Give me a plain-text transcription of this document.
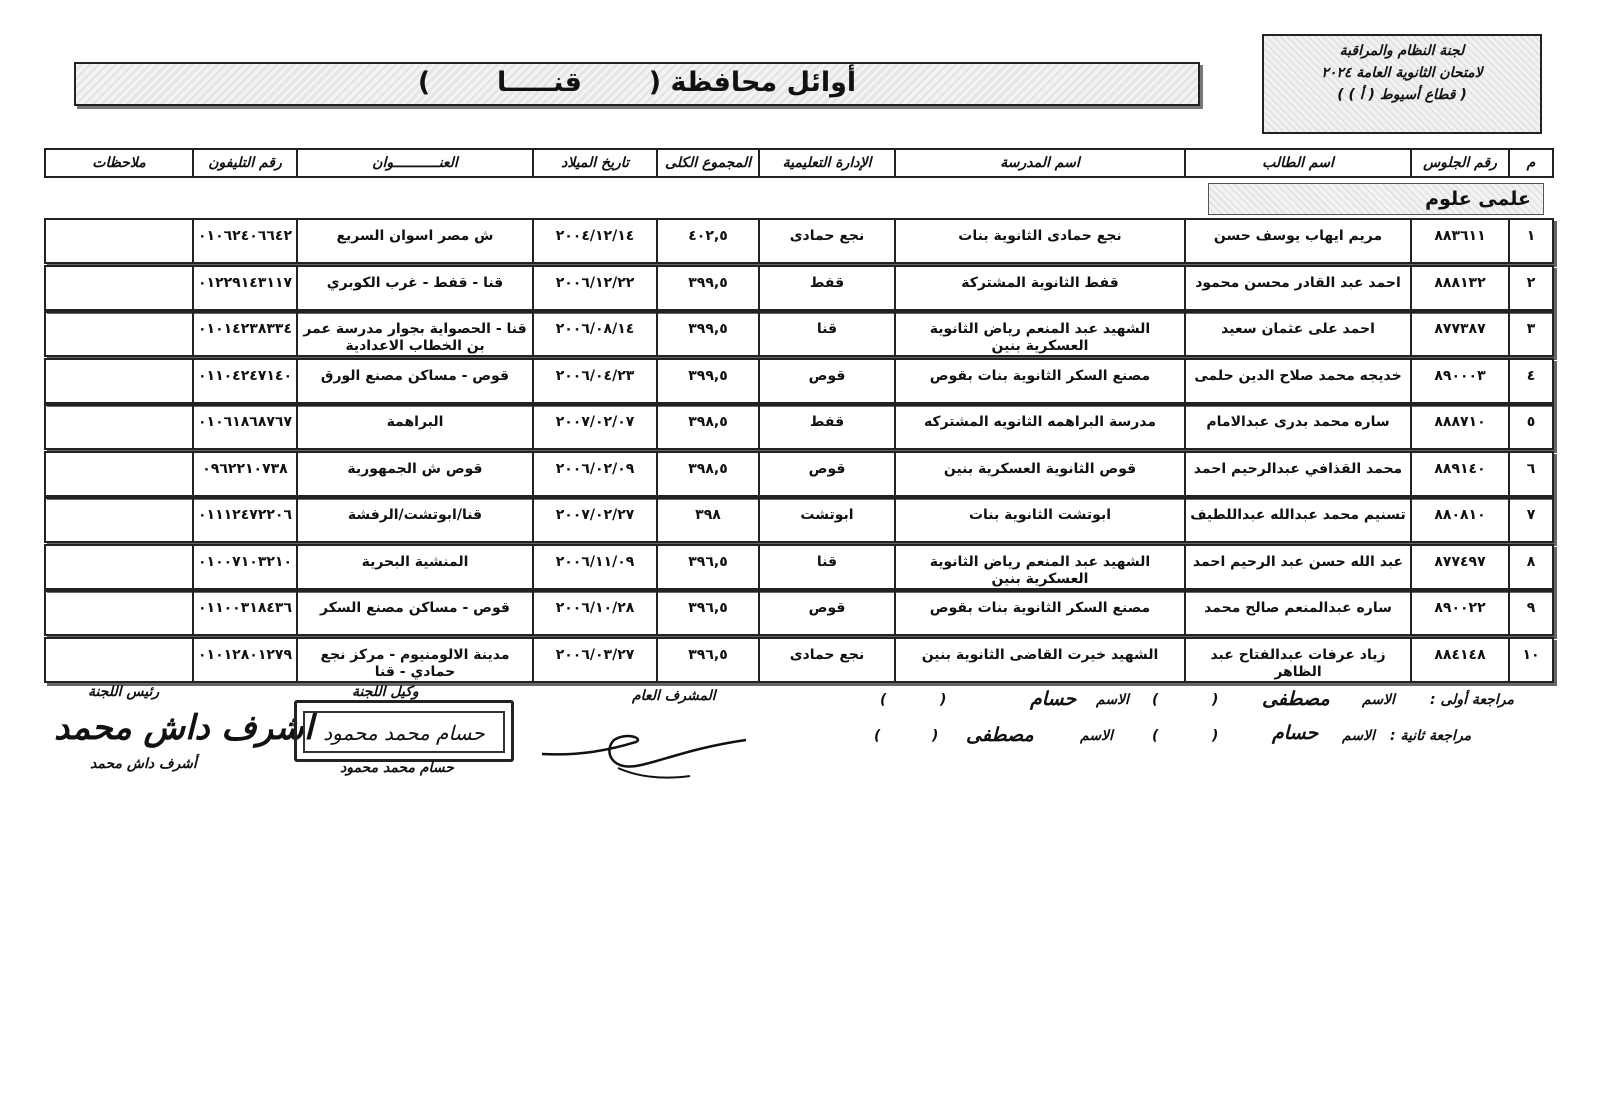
لجنة النظام والمراقبة
لامتحان الثانوية العامة ٢٠٢٤
( قطاع أسيوط ( أ ) )
أوائل محافظة (  قنـــــا  )
م
رقم الجلوس
اسم الطالب
اسم المدرسة
الإدارة التعليمية
المجموع الكلى
تاريخ الميلاد
العنـــــــــــوان
رقم التليفون
ملاحظات
علمى علوم
١
٨٨٣٦١١
مريم ايهاب يوسف حسن
نجع حمادى الثانوية بنات
نجع حمادى
٤٠٢,٥
٢٠٠٤/١٢/١٤
ش مصر اسوان السريع
٠١٠٦٢٤٠٦٦٤٢
٢
٨٨٨١٣٢
احمد عبد القادر محسن محمود
قفط الثانوية المشتركة
قفط
٣٩٩,٥
٢٠٠٦/١٢/٢٢
قنا - قفط - غرب الكوبري
٠١٢٢٩١٤٣١١٧
٣
٨٧٧٣٨٧
احمد على عثمان سعيد
الشهيد عبد المنعم رياض الثانوية العسكرية بنين
قنا
٣٩٩,٥
٢٠٠٦/٠٨/١٤
قنا - الحصواية بجوار مدرسة عمر بن الخطاب الاعدادية
٠١٠١٤٢٣٨٣٣٤
٤
٨٩٠٠٠٣
خديجه محمد صلاح الدين حلمى
مصنع السكر الثانوية بنات بقوص
قوص
٣٩٩,٥
٢٠٠٦/٠٤/٢٣
قوص - مساكن مصنع الورق
٠١١٠٤٢٤٧١٤٠
٥
٨٨٨٧١٠
ساره محمد بدرى عبدالامام
مدرسة البراهمه الثانويه المشتركه
قفط
٣٩٨,٥
٢٠٠٧/٠٢/٠٧
البراهمة
٠١٠٦١٨٦٨٧٦٧
٦
٨٨٩١٤٠
محمد القذافي عبدالرحيم احمد
قوص الثانوية العسكرية بنين
قوص
٣٩٨,٥
٢٠٠٦/٠٢/٠٩
قوص ش الجمهورية
٠٩٦٢٢١٠٧٣٨
٧
٨٨٠٨١٠
تسنيم محمد عبدالله عبداللطيف
ابوتشت الثانوية بنات
ابوتشت
٣٩٨
٢٠٠٧/٠٢/٢٧
قنا/ابوتشت/الرفشة
٠١١١٢٤٧٢٢٠٦
٨
٨٧٧٤٩٧
عبد الله حسن عبد الرحيم احمد
الشهيد عبد المنعم رياض الثانوية العسكرية بنين
قنا
٣٩٦,٥
٢٠٠٦/١١/٠٩
المنشية البحرية
٠١٠٠٧١٠٣٢١٠
٩
٨٩٠٠٢٢
ساره عبدالمنعم صالح محمد
مصنع السكر الثانوية بنات بقوص
قوص
٣٩٦,٥
٢٠٠٦/١٠/٢٨
قوص - مساكن مصنع السكر
٠١١٠٠٣١٨٤٣٦
١٠
٨٨٤١٤٨
زياد عرفات عبدالفتاح عبد الظاهر
الشهيد خيرت القاضى الثانوية بنين
نجع حمادى
٣٩٦,٥
٢٠٠٦/٠٣/٢٧
مدينة الالومنيوم - مركز نجع حمادي - قنا
٠١٠١٢٨٠١٢٧٩
رئيس اللجنة
اشرف داش محمد
أشرف داش محمد
وكيل اللجنة
حسام محمد محمود
حسام محمد محمود
المشرف العام	مراجعة أولى :
الاسم
مصطفى
(
)
الاسم
حسام
(
)
مراجعة ثانية :
الاسم
حسام
(
)
الاسم
مصطفى
(
)
